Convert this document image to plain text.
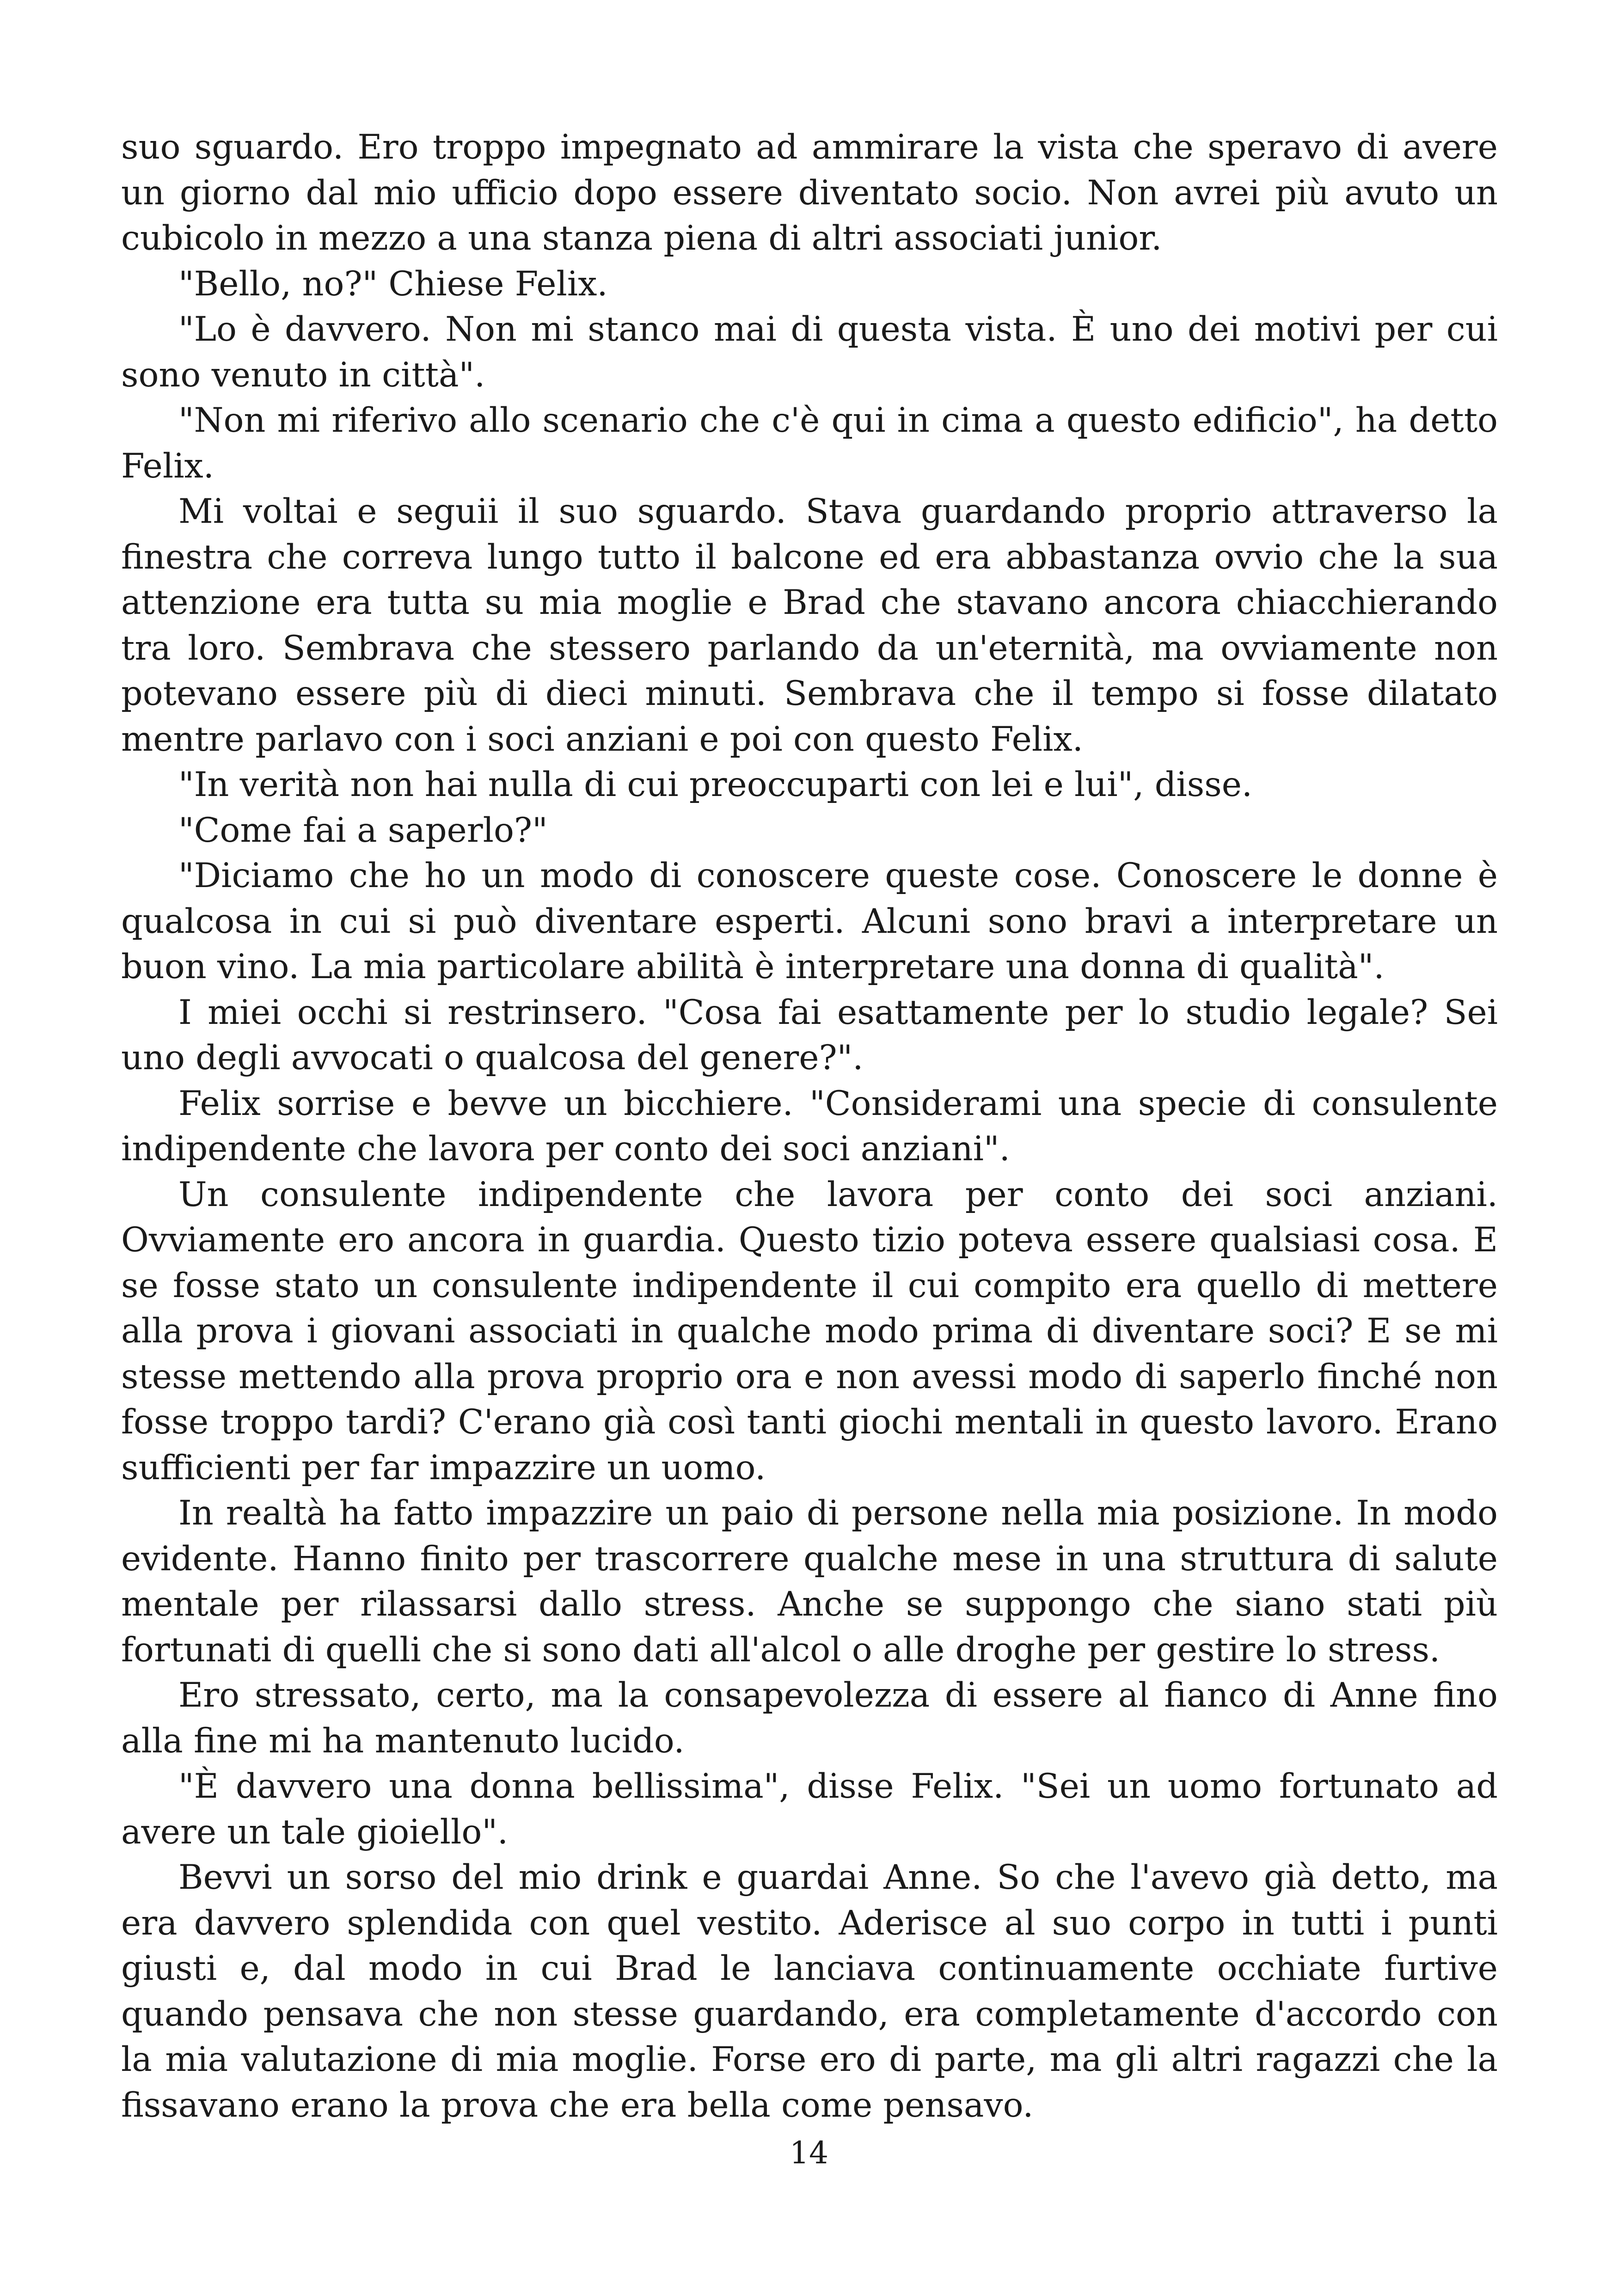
suo sguardo. Ero troppo impegnato ad ammirare la vista che speravo di avere un giorno dal mio ufficio dopo essere diventato socio. Non avrei più avuto un cubicolo in mezzo a una stanza piena di altri associati junior.

"Bello, no?" Chiese Felix.

"Lo è davvero. Non mi stanco mai di questa vista. È uno dei motivi per cui sono venuto in città".

"Non mi riferivo allo scenario che c'è qui in cima a questo edificio", ha detto Felix.

Mi voltai e seguii il suo sguardo. Stava guardando proprio attraverso la finestra che correva lungo tutto il balcone ed era abbastanza ovvio che la sua attenzione era tutta su mia moglie e Brad che stavano ancora chiacchierando tra loro. Sembrava che stessero parlando da un'eternità, ma ovviamente non potevano essere più di dieci minuti. Sembrava che il tempo si fosse dilatato mentre parlavo con i soci anziani e poi con questo Felix.

"In verità non hai nulla di cui preoccuparti con lei e lui", disse.

"Come fai a saperlo?"

"Diciamo che ho un modo di conoscere queste cose. Conoscere le donne è qualcosa in cui si può diventare esperti. Alcuni sono bravi a interpretare un buon vino. La mia particolare abilità è interpretare una donna di qualità".

I miei occhi si restrinsero. "Cosa fai esattamente per lo studio legale? Sei uno degli avvocati o qualcosa del genere?".

Felix sorrise e bevve un bicchiere. "Considerami una specie di consulente indipendente che lavora per conto dei soci anziani".

Un consulente indipendente che lavora per conto dei soci anziani. Ovviamente ero ancora in guardia. Questo tizio poteva essere qualsiasi cosa. E se fosse stato un consulente indipendente il cui compito era quello di mettere alla prova i giovani associati in qualche modo prima di diventare soci? E se mi stesse mettendo alla prova proprio ora e non avessi modo di saperlo finché non fosse troppo tardi? C'erano già così tanti giochi mentali in questo lavoro. Erano sufficienti per far impazzire un uomo.

In realtà ha fatto impazzire un paio di persone nella mia posizione. In modo evidente. Hanno finito per trascorrere qualche mese in una struttura di salute mentale per rilassarsi dallo stress. Anche se suppongo che siano stati più fortunati di quelli che si sono dati all'alcol o alle droghe per gestire lo stress.

Ero stressato, certo, ma la consapevolezza di essere al fianco di Anne fino alla fine mi ha mantenuto lucido.

"È davvero una donna bellissima", disse Felix. "Sei un uomo fortunato ad avere un tale gioiello".

Bevvi un sorso del mio drink e guardai Anne. So che l'avevo già detto, ma era davvero splendida con quel vestito. Aderisce al suo corpo in tutti i punti giusti e, dal modo in cui Brad le lanciava continuamente occhiate furtive quando pensava che non stesse guardando, era completamente d'accordo con la mia valutazione di mia moglie. Forse ero di parte, ma gli altri ragazzi che la fissavano erano la prova che era bella come pensavo.

14
